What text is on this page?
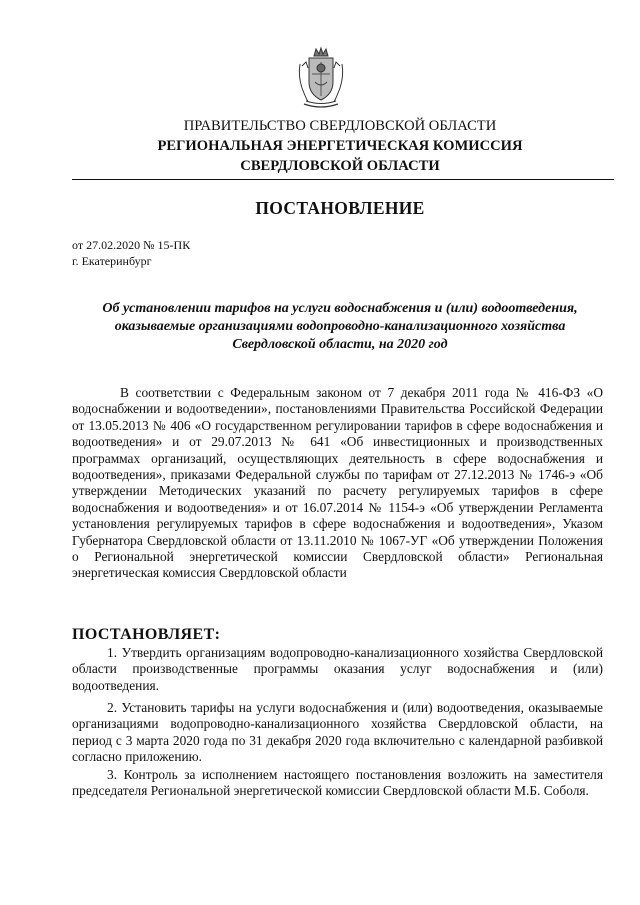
ПРАВИТЕЛЬСТВО СВЕРДЛОВСКОЙ ОБЛАСТИ
РЕГИОНАЛЬНАЯ ЭНЕРГЕТИЧЕСКАЯ КОМИССИЯ
СВЕРДЛОВСКОЙ ОБЛАСТИ
ПОСТАНОВЛЕНИЕ
от 27.02.2020 № 15-ПК
г. Екатеринбург
Об установлении тарифов на услуги водоснабжения и (или) водоотведения,
оказываемые организациями водопроводно-канализационного хозяйства
Свердловской области, на 2020 год
В соответствии с Федеральным законом от 7 декабря 2011 года № 416-ФЗ «О водоснабжении и водоотведении», постановлениями Правительства Российской Федерации от 13.05.2013 № 406 «О государственном регулировании тарифов в сфере водоснабжения и водоотведения» и от 29.07.2013 № 641 «Об инвестиционных и производственных программах организаций, осуществляющих деятельность в сфере водоснабжения и водоотведения», приказами Федеральной службы по тарифам от 27.12.2013 № 1746-э «Об утверждении Методических указаний по расчету регулируемых тарифов в сфере водоснабжения и водоотведения» и от 16.07.2014 № 1154-э «Об утверждении Регламента установления регулируемых тарифов в сфере водоснабжения и водоотведения», Указом Губернатора Свердловской области от 13.11.2010 № 1067-УГ «Об утверждении Положения о Региональной энергетической комиссии Свердловской области» Региональная энергетическая комиссия Свердловской области
ПОСТАНОВЛЯЕТ:
1. Утвердить организациям водопроводно-канализационного хозяйства Свердловской области производственные программы оказания услуг водоснабжения и (или) водоотведения.
2. Установить тарифы на услуги водоснабжения и (или) водоотведения, оказываемые организациями водопроводно-канализационного хозяйства Свердловской области, на период с 3 марта 2020 года по 31 декабря 2020 года включительно с календарной разбивкой согласно приложению.
3. Контроль за исполнением настоящего постановления возложить на заместителя председателя Региональной энергетической комиссии Свердловской области М.Б. Соболя.
